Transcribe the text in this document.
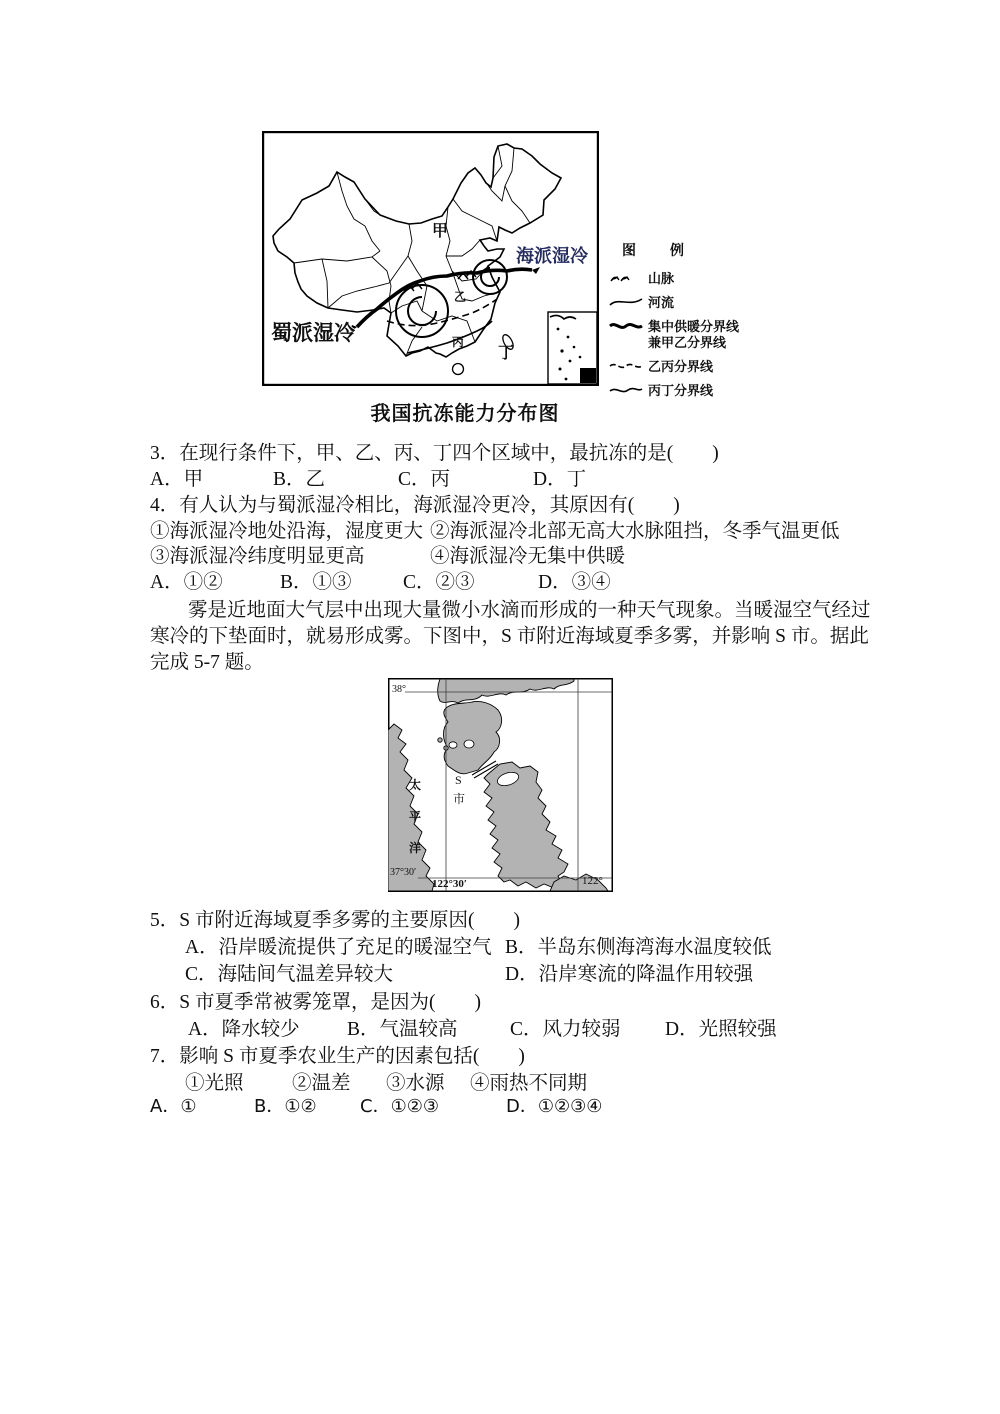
甲
乙
丙
丁
海派湿冷
蜀派湿冷
图　例
山脉
河流
集中供暖分界线
兼甲乙分界线
乙丙分界线
丙丁分界线
我国抗冻能力分布图
3．在现行条件下，甲、乙、丙、丁四个区域中，最抗冻的是(　　)
A．甲	B．乙	C．丙	D．丁
4．有人认为与蜀派湿冷相比，海派湿冷更冷，其原因有(　　)
①海派湿冷地处沿海，湿度更大 ②海派湿冷北部无高大水脉阻挡，冬季气温更低
③海派湿冷纬度明显更高	④海派湿冷无集中供暖
A．①②	B．①③	C．②③	D．③④
雾是近地面大气层中出现大量微小水滴而形成的一种天气现象。当暖湿空气经过
寒冷的下垫面时，就易形成雾。下图中，S 市附近海域夏季多雾，并影响 S 市。据此
完成 5-7 题。
38°
37°30′
122°30′	122°
太
平
洋
S
市
5．S 市附近海域夏季多雾的主要原因(　　)
A．沿岸暖流提供了充足的暖湿空气 B．半岛东侧海湾海水温度较低
C．海陆间气温差异较大	D．沿岸寒流的降温作用较强
6．S 市夏季常被雾笼罩，是因为(　　)
A．降水较少 B．气温较高	C．风力较弱 D．光照较强
7．影响 S 市夏季农业生产的因素包括(　　)
①光照 ②温差 ③水源 ④雨热不同期
A．①	B．①② C．①②③	D．①②③④
